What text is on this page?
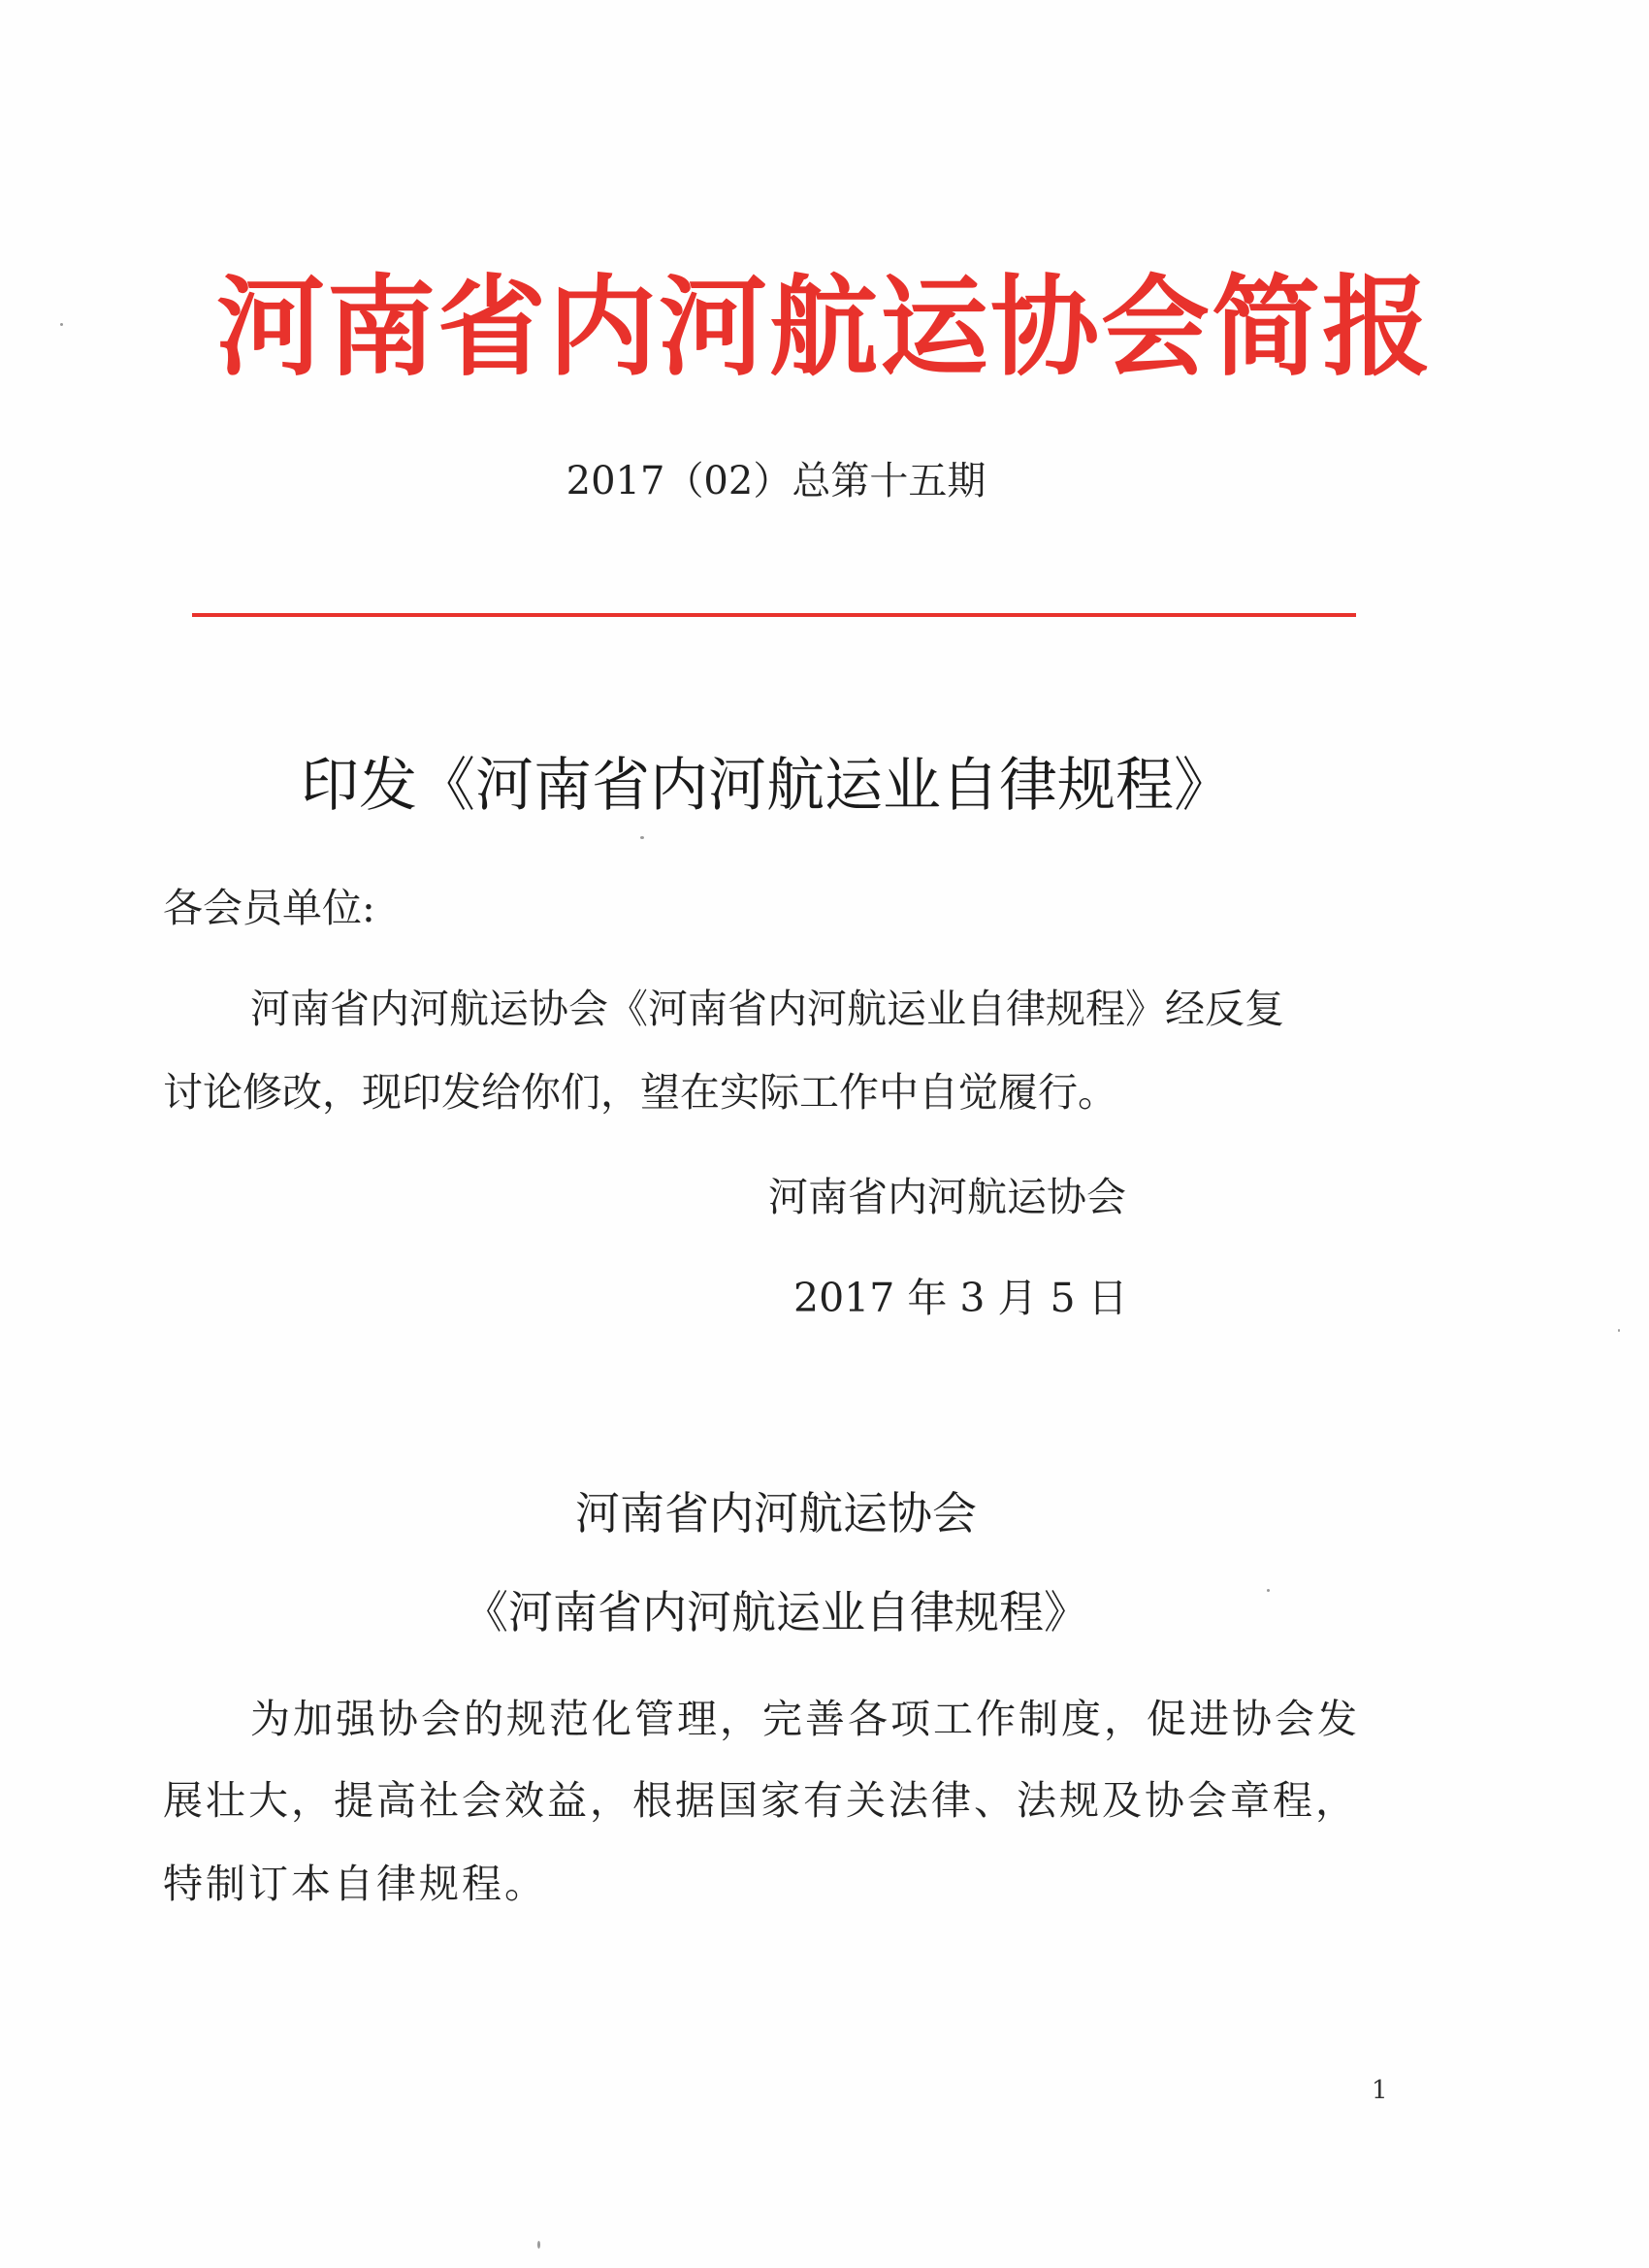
河南省内河航运协会简报
2017（02）总第十五期
印发《河南省内河航运业自律规程》
各会员单位:
河南省内河航运协会《河南省内河航运业自律规程》经反复
讨论修改，现印发给你们，望在实际工作中自觉履行。
河南省内河航运协会
2017 年 3 月 5 日
河南省内河航运协会
《河南省内河航运业自律规程》
为加强协会的规范化管理，完善各项工作制度，促进协会发
展壮大，提高社会效益，根据国家有关法律、法规及协会章程，
特制订本自律规程。
1
